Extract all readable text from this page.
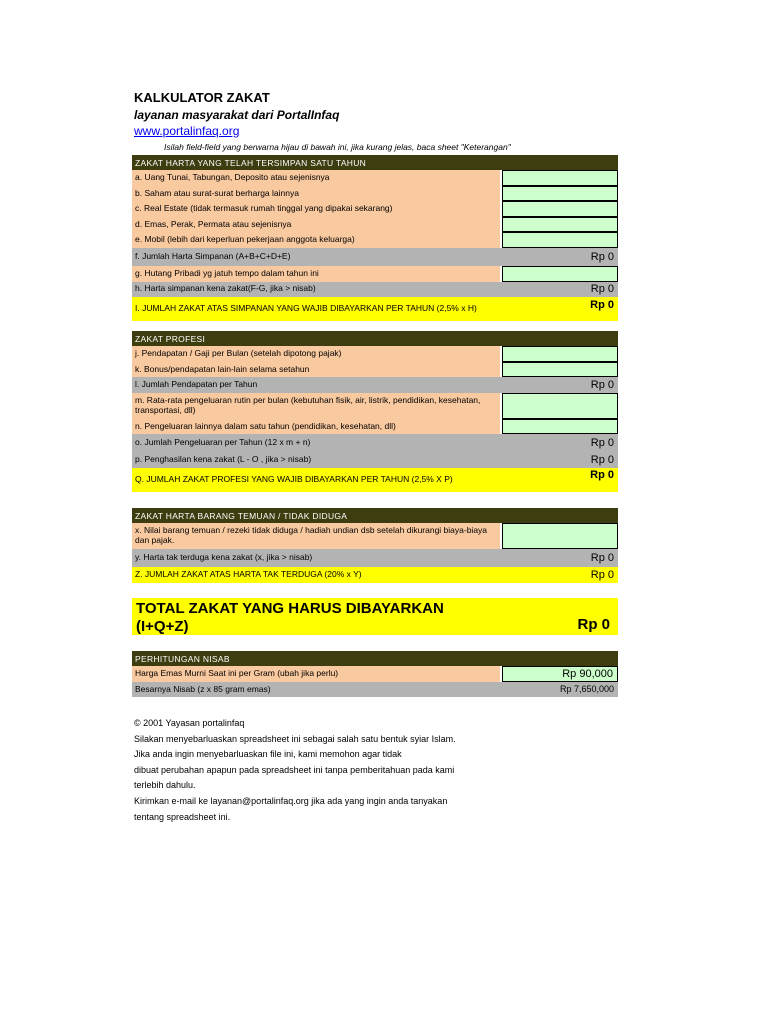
KALKULATOR ZAKAT
layanan masyarakat dari PortalInfaq
www.portalinfaq.org
Isilah field-field yang berwarna hijau di bawah ini, jika kurang jelas, baca sheet "Keterangan"
ZAKAT HARTA YANG TELAH TERSIMPAN SATU TAHUN
a. Uang Tunai, Tabungan, Deposito atau sejenisnya
b. Saham atau surat-surat berharga lainnya
c. Real Estate (tidak termasuk rumah tinggal yang dipakai sekarang)
d. Emas, Perak, Permata atau sejenisnya
e. Mobil (lebih dari keperluan pekerjaan anggota keluarga)
f. Jumlah Harta Simpanan (A+B+C+D+E)	Rp 0
g. Hutang Pribadi yg jatuh tempo dalam tahun ini
h. Harta simpanan kena zakat(F-G, jika > nisab)	Rp 0
I. JUMLAH ZAKAT ATAS SIMPANAN YANG WAJIB DIBAYARKAN PER TAHUN (2,5% x H)	Rp 0
ZAKAT PROFESI
j. Pendapatan / Gaji per Bulan (setelah dipotong pajak)
k. Bonus/pendapatan lain-lain selama setahun
l. Jumlah Pendapatan per Tahun	Rp 0
m. Rata-rata pengeluaran rutin per bulan (kebutuhan fisik, air, listrik, pendidikan, kesehatan, transportasi, dll)
n. Pengeluaran lainnya dalam satu tahun (pendidikan, kesehatan, dll)
o. Jumlah Pengeluaran per Tahun (12 x m + n)	Rp 0
p. Penghasilan kena zakat (L - O , jika > nisab)	Rp 0
Q. JUMLAH ZAKAT PROFESI YANG WAJIB DIBAYARKAN PER TAHUN (2,5% X P)	Rp 0
ZAKAT HARTA BARANG TEMUAN / TIDAK DIDUGA
x. Nilai barang temuan / rezeki tidak diduga / hadiah undian dsb setelah dikurangi biaya-biaya dan pajak.
y. Harta tak terduga kena zakat (x, jika > nisab)	Rp 0
Z. JUMLAH ZAKAT ATAS HARTA TAK TERDUGA (20% x Y)	Rp 0
TOTAL ZAKAT YANG HARUS DIBAYARKAN
(I+Q+Z)	Rp 0
PERHITUNGAN NISAB
Harga Emas Murni Saat ini per Gram (ubah jika perlu)	Rp 90,000
Besarnya Nisab (z x 85 gram emas)	Rp 7,650,000
© 2001 Yayasan portalinfaq
Silakan menyebarluaskan spreadsheet ini sebagai salah satu bentuk syiar Islam.
Jika anda ingin menyebarluaskan file ini, kami memohon agar tidak
dibuat perubahan apapun pada spreadsheet ini tanpa pemberitahuan pada kami
terlebih dahulu.
Kirimkan e-mail ke layanan@portalinfaq.org jika ada yang ingin anda tanyakan
tentang spreadsheet ini.
